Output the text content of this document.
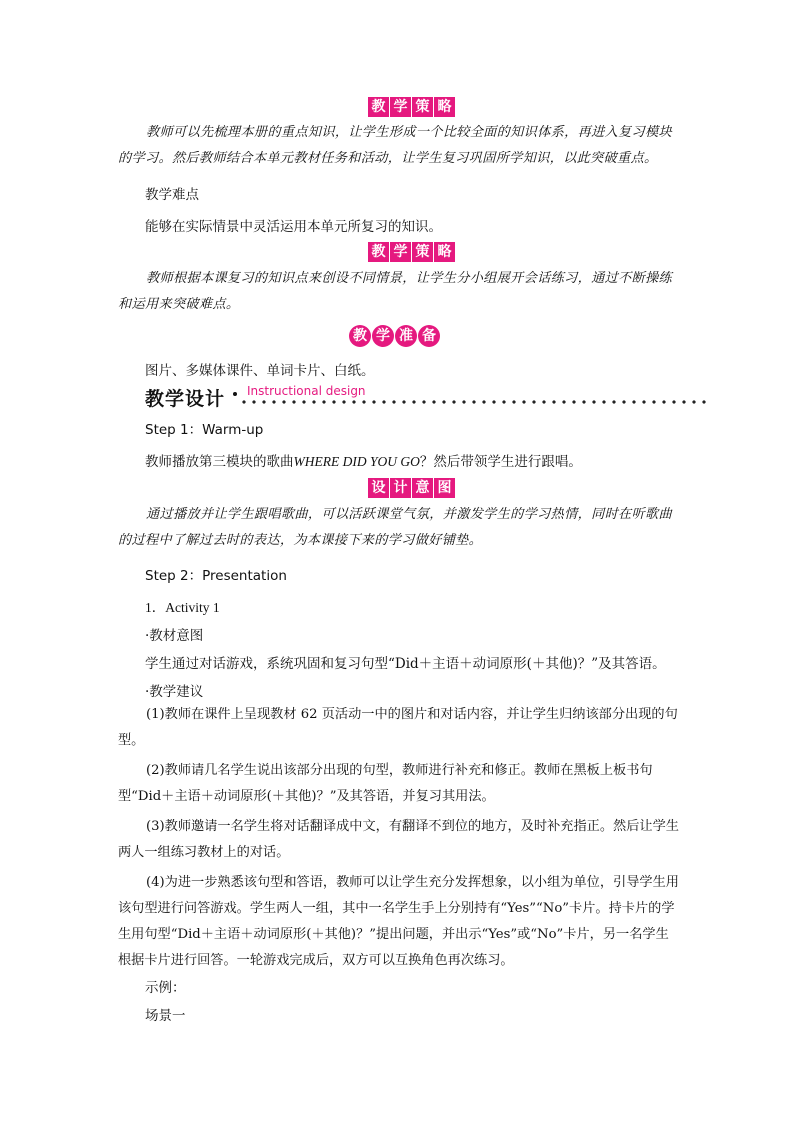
教 学 策 略

教师可以先梳理本册的重点知识，让学生形成一个比较全面的知识体系，再进入复习模块的学习。然后教师结合本单元教材任务和活动，让学生复习巩固所学知识，以此突破重点。

教学难点

能够在实际情景中灵活运用本单元所复习的知识。

教 学 策 略

教师根据本课复习的知识点来创设不同情景，让学生分小组展开会话练习，通过不断操练和运用来突破难点。

教 学 准 备

图片、多媒体课件、单词卡片、白纸。

教学设计 Instructional design

Step 1：Warm-up

教师播放第三模块的歌曲WHERE DID YOU GO？然后带领学生进行跟唱。

设 计 意 图

通过播放并让学生跟唱歌曲，可以活跃课堂气氛，并激发学生的学习热情，同时在听歌曲的过程中了解过去时的表达，为本课接下来的学习做好铺垫。

Step 2：Presentation

1．Activity 1

·教材意图

学生通过对话游戏，系统巩固和复习句型“Did＋主语＋动词原形(＋其他)？”及其答语。

·教学建议

(1)教师在课件上呈现教材 62 页活动一中的图片和对话内容，并让学生归纳该部分出现的句型。

(2)教师请几名学生说出该部分出现的句型，教师进行补充和修正。教师在黑板上板书句型“Did＋主语＋动词原形(＋其他)？”及其答语，并复习其用法。

(3)教师邀请一名学生将对话翻译成中文，有翻译不到位的地方，及时补充指正。然后让学生两人一组练习教材上的对话。

(4)为进一步熟悉该句型和答语，教师可以让学生充分发挥想象，以小组为单位，引导学生用该句型进行问答游戏。学生两人一组，其中一名学生手上分别持有“Yes”“No”卡片。持卡片的学生用句型“Did＋主语＋动词原形(＋其他)？”提出问题，并出示“Yes”或“No”卡片，另一名学生根据卡片进行回答。一轮游戏完成后，双方可以互换角色再次练习。

示例：

场景一
